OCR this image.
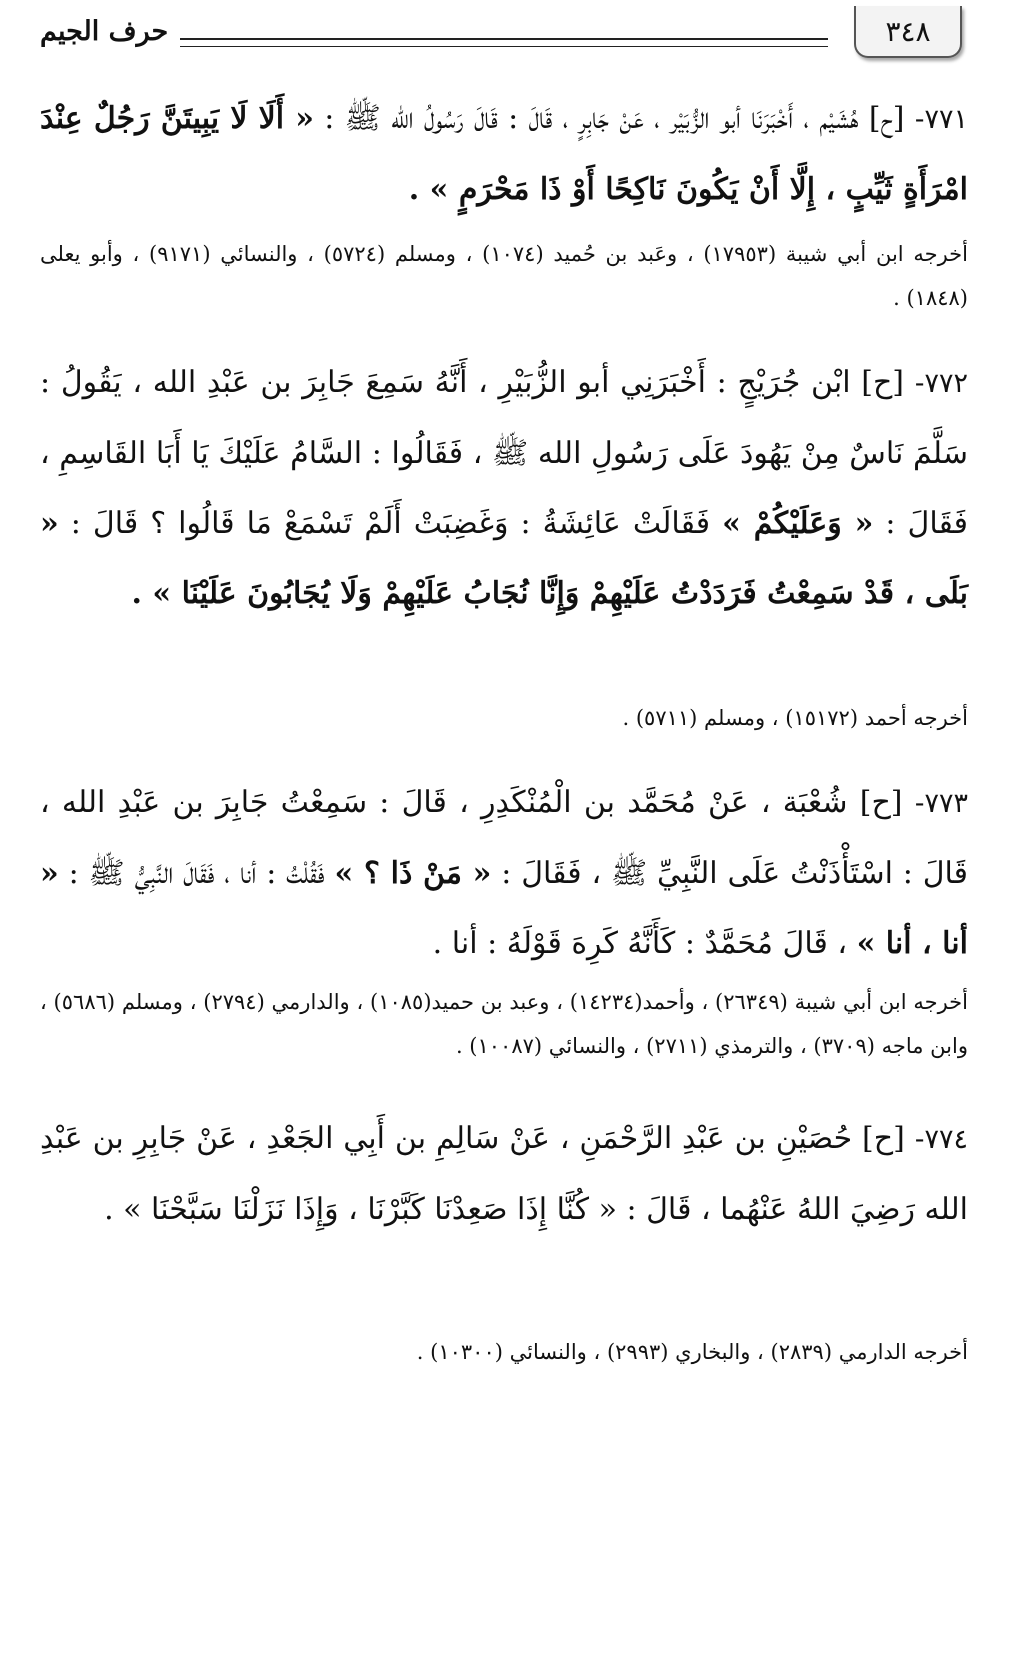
٣٤٨
حرف الجيم
٧٧١- [ح] هُشَيْم ، أَخْبَرَنَا أبو الزُّبَيْر ، عَنْ جَابِرٍ ، قَالَ : قَالَ رَسُولُ الله ﷺ : « أَلَا لَا يَبِيتَنَّ رَجُلٌ عِنْدَ امْرَأَةٍ ثَيِّبٍ ، إِلَّا أَنْ يَكُونَ نَاكِحًا أَوْ ذَا مَحْرَمٍ » .
أخرجه ابن أبي شيبة (١٧٩٥٣) ، وعَبد بن حُميد (١٠٧٤) ، ومسلم (٥٧٢٤) ، والنسائي (٩١٧١) ، وأبو يعلى (١٨٤٨) .
٧٧٢- [ح] ابْن جُرَيْجٍ : أَخْبَرَنِي أبو الزُّبَيْرِ ، أَنَّهُ سَمِعَ جَابِرَ بن عَبْدِ الله ، يَقُولُ : سَلَّمَ نَاسٌ مِنْ يَهُودَ عَلَى رَسُولِ الله ﷺ ، فَقَالُوا : السَّامُ عَلَيْكَ يَا أَبَا القَاسِمِ ، فَقَالَ : « وَعَلَيْكُمْ » فَقَالَتْ عَائِشَةُ : وَغَضِبَتْ أَلَمْ تَسْمَعْ مَا قَالُوا ؟ قَالَ : « بَلَى ، قَدْ سَمِعْتُ فَرَدَدْتُ عَلَيْهِمْ وَإِنَّا نُجَابُ عَلَيْهِمْ وَلَا يُجَابُونَ عَلَيْنَا » .
أخرجه أحمد (١٥١٧٢) ، ومسلم (٥٧١١) .
٧٧٣- [ح] شُعْبَة ، عَنْ مُحَمَّد بن الْمُنْكَدِرِ ، قَالَ : سَمِعْتُ جَابِرَ بن عَبْدِ الله ، قَالَ : اسْتَأْذَنْتُ عَلَى النَّبِيِّ ﷺ ، فَقَالَ : « مَنْ ذَا ؟ » فَقُلْتُ : أنا ، فَقَالَ النَّبِيُّ ﷺ : « أنا ، أنا » ، قَالَ مُحَمَّدٌ : كَأَنَّهُ كَرِهَ قَوْلَهُ : أنا .
أخرجه ابن أبي شيبة (٢٦٣٤٩) ، وأحمد(١٤٢٣٤) ، وعبد بن حميد(١٠٨٥) ، والدارمي (٢٧٩٤) ، ومسلم (٥٦٨٦) ، وابن ماجه (٣٧٠٩) ، والترمذي (٢٧١١) ، والنسائي (١٠٠٨٧) .
٧٧٤- [ح] حُصَيْنِ بن عَبْدِ الرَّحْمَنِ ، عَنْ سَالِمِ بن أَبِي الجَعْدِ ، عَنْ جَابِرِ بن عَبْدِ الله رَضِيَ اللهُ عَنْهُما ، قَالَ : « كُنَّا إِذَا صَعِدْنَا كَبَّرْنَا ، وَإِذَا نَزَلْنَا سَبَّحْنَا » .
أخرجه الدارمي (٢٨٣٩) ، والبخاري (٢٩٩٣) ، والنسائي (١٠٣٠٠) .
